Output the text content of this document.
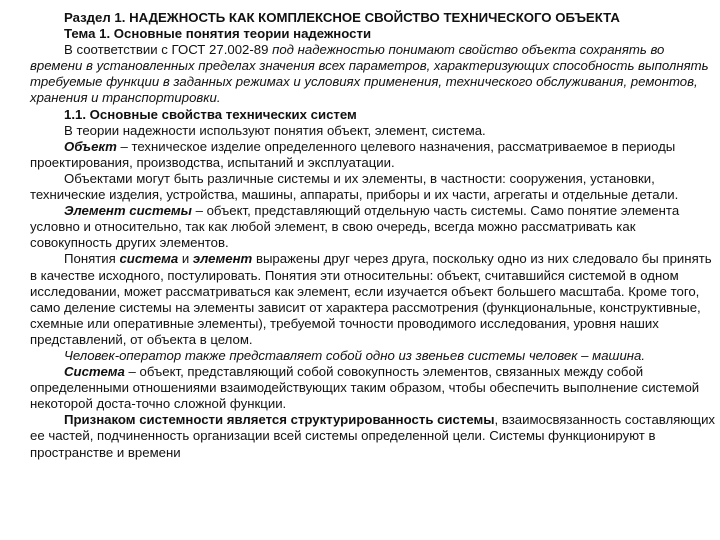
Раздел 1. НАДЕЖНОСТЬ КАК КОМПЛЕКСНОЕ СВОЙСТВО ТЕХНИЧЕСКОГО ОБЪЕКТА

Тема 1. Основные понятия теории надежности

В соответствии с ГОСТ 27.002-89 под надежностью понимают свойство объекта сохранять во времени в установленных пределах значения всех параметров, характеризующих способность выполнять требуемые функции в заданных режимах и условиях применения, технического обслуживания, ремонтов, хранения и транспортировки.

1.1. Основные свойства технических систем

В теории надежности используют понятия объект, элемент, система.

Объект – техническое изделие определенного целевого назначения, рассматриваемое в периоды проектирования, производства, испытаний и эксплуатации.

Объектами могут быть различные системы и их элементы, в частности: сооружения, установки, технические изделия, устройства, машины, аппараты, приборы и их части, агрегаты и отдельные детали.

Элемент системы – объект, представляющий отдельную часть системы. Само понятие элемента условно и относительно, так как любой элемент, в свою очередь, всегда можно рассматривать как совокупность других элементов.

Понятия система и элемент выражены друг через друга, поскольку одно из них следовало бы принять в качестве исходного, постулировать. Понятия эти относительны: объект, считавшийся системой в одном исследовании, может рассматриваться как элемент, если изучается объект большего масштаба. Кроме того, само деление системы на элементы зависит от характера рассмотрения (функциональные, конструктивные, схемные или оперативные элементы), требуемой точности проводимого исследования, уровня наших представлений, от объекта в целом.

Человек-оператор также представляет собой одно из звеньев системы человек – машина.

Система – объект, представляющий собой совокупность элементов, связанных между собой определенными отношениями взаимодействующих таким образом, чтобы обеспечить выполнение системой некоторой доста-точно сложной функции.

Признаком системности является структурированность системы, взаимосвязанность составляющих ее частей, подчиненность организации всей системы определенной цели. Системы функционируют в пространстве и времени
